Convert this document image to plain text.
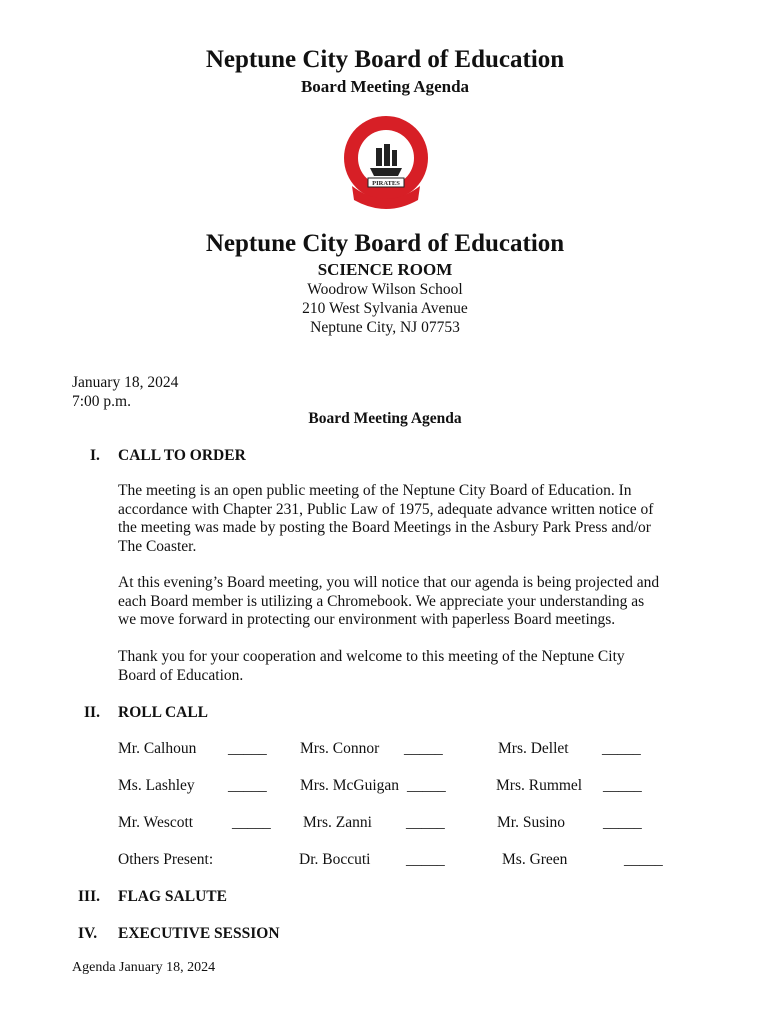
Neptune City Board of Education
Board Meeting Agenda
PIRATES
Neptune City Board of Education
SCIENCE ROOM
Woodrow Wilson School
210 West Sylvania Avenue
Neptune City, NJ 07753
January 18, 2024
7:00 p.m.
Board Meeting Agenda
I. CALL TO ORDER
The meeting is an open public meeting of the Neptune City Board of Education. In
accordance with Chapter 231, Public Law of 1975, adequate advance written notice of
the meeting was made by posting the Board Meetings in the Asbury Park Press and/or
The Coaster.
At this evening’s Board meeting, you will notice that our agenda is being projected and
each Board member is utilizing a Chromebook. We appreciate your understanding as
we move forward in protecting our environment with paperless Board meetings.
Thank you for your cooperation and welcome to this meeting of the Neptune City
Board of Education.
II. ROLL CALL
Mr. Calhoun _____ Mrs. Connor _____	Mrs. Dellet _____
Ms. Lashley _____ Mrs. McGuigan _____	Mrs. Rummel _____
Mr. Wescott	_____ Mrs. Zanni _____	Mr. Susino _____
Others Present:	Dr. Boccuti _____	Ms. Green	_____
III. FLAG SALUTE
IV. EXECUTIVE SESSION
Agenda January 18, 2024
